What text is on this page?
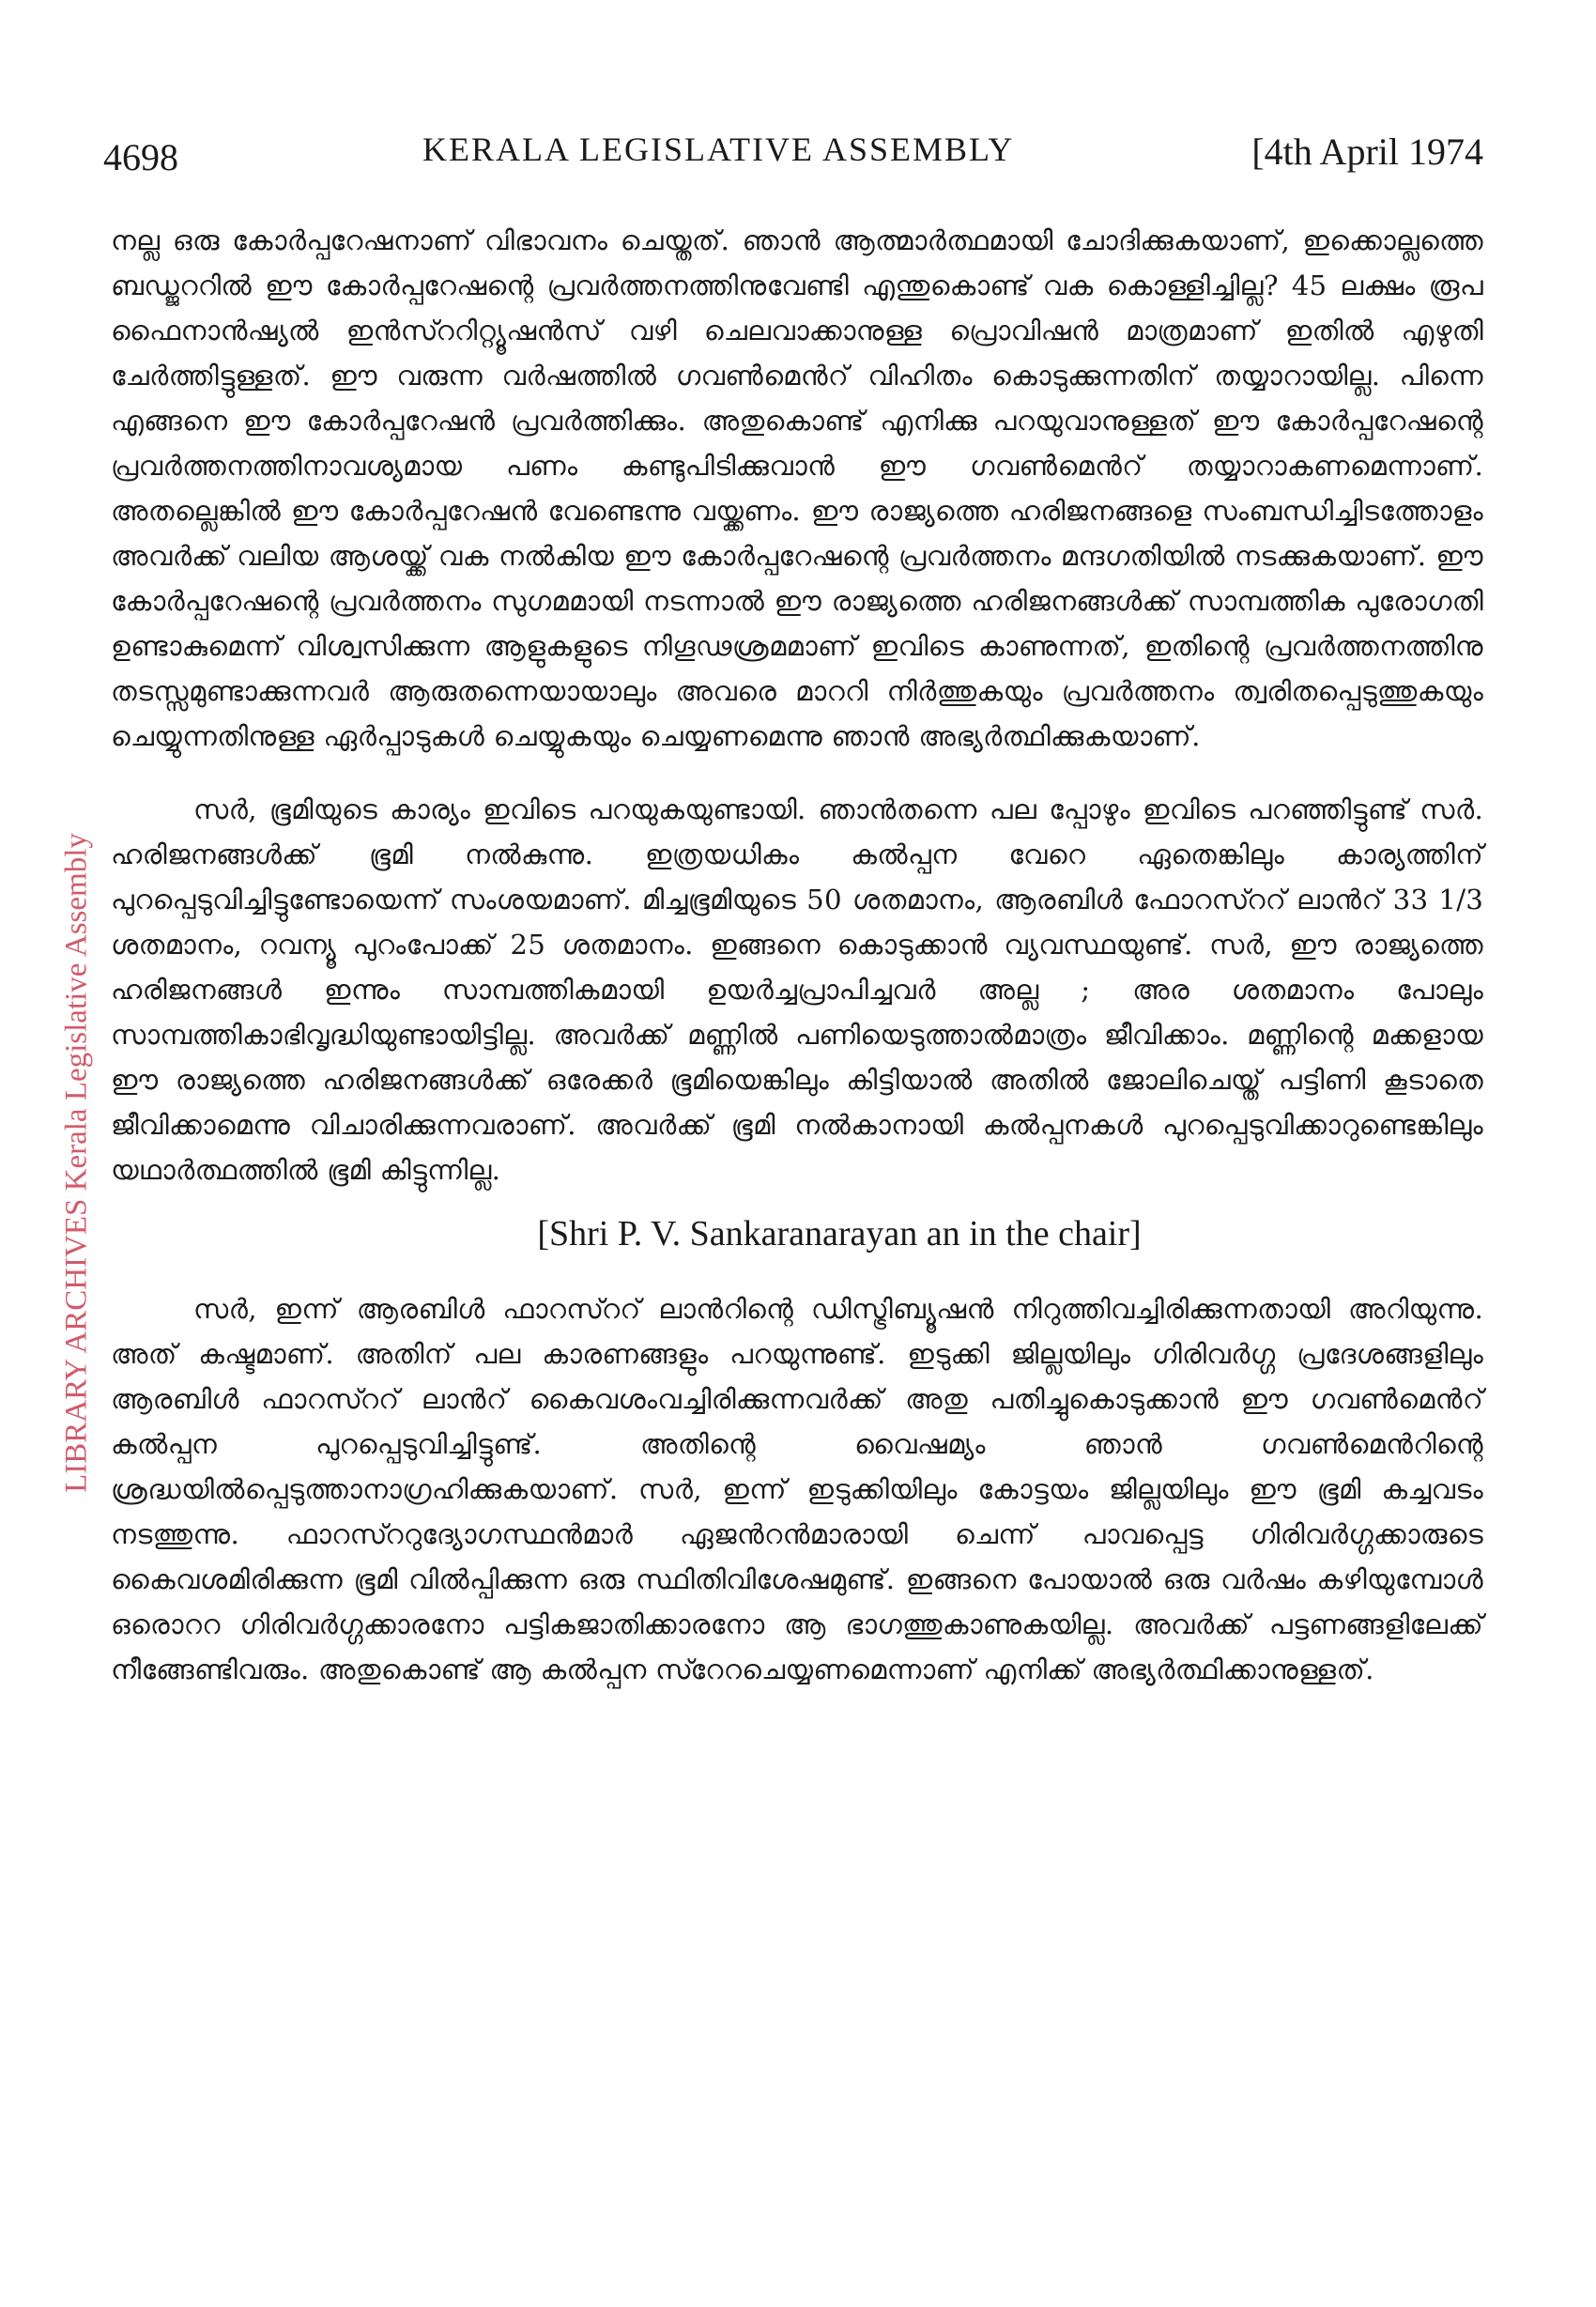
4698	KERALA LEGISLATIVE ASSEMBLY	[4th April 1974
LIBRARY ARCHIVES Kerala Legislative Assembly

നല്ല ഒരു കോർപ്പറേഷനാണ് വിഭാവനം ചെയ്തത്. ഞാൻ ആത്മാർത്ഥമായി ചോദിക്കുകയാണ്, ഇക്കൊല്ലത്തെ ബഡ്ജററിൽ ഈ കോർപ്പറേഷന്റെ പ്രവർത്തനത്തിനുവേണ്ടി എന്തുകൊണ്ട് വക കൊള്ളിച്ചില്ല? 45 ലക്ഷം രൂപ ഫൈനാൻഷ്യൽ ഇൻസ്ററിറ്റ്യൂഷൻസ് വഴി ചെലവാക്കാനുള്ള പ്രൊവിഷൻ മാത്രമാണ് ഇതിൽ എഴുതി ചേർത്തിട്ടുള്ളത്. ഈ വരുന്ന വർഷത്തിൽ ഗവൺമെൻറ് വിഹിതം കൊടുക്കുന്നതിന് തയ്യാറായില്ല. പിന്നെ എങ്ങനെ ഈ കോർപ്പറേഷൻ പ്രവർത്തിക്കും. അതുകൊണ്ട് എനിക്കു പറയുവാനുള്ളത് ഈ കോർപ്പറേഷന്റെ പ്രവർത്തനത്തിനാവശ്യമായ പണം കണ്ടുപിടിക്കുവാൻ ഈ ഗവൺമെൻറ് തയ്യാറാകണമെന്നാണ്. അതല്ലെങ്കിൽ ഈ കോർപ്പറേഷൻ വേണ്ടെന്നു വയ്ക്കണം. ഈ രാജ്യത്തെ ഹരിജനങ്ങളെ സംബന്ധിച്ചിടത്തോളം അവർക്ക് വലിയ ആശയ്ക്ക് വക നൽകിയ ഈ കോർപ്പറേഷന്റെ പ്രവർത്തനം മന്ദഗതിയിൽ നടക്കുകയാണ്. ഈ കോർപ്പറേഷന്റെ പ്രവർത്തനം സുഗമമായി നടന്നാൽ ഈ രാജ്യത്തെ ഹരിജനങ്ങൾക്ക് സാമ്പത്തിക പുരോഗതി ഉണ്ടാകുമെന്ന് വിശ്വസിക്കുന്ന ആളുകളുടെ നിഗൂഢശ്രമമാണ് ഇവിടെ കാണുന്നത്, ഇതിന്റെ പ്രവർത്തനത്തിനു തടസ്സമുണ്ടാക്കുന്നവർ ആരുതന്നെയായാലും അവരെ മാററി നിർത്തുകയും പ്രവർത്തനം ത്വരിതപ്പെടുത്തുകയും ചെയ്യുന്നതിനുള്ള ഏർപ്പാടുകൾ ചെയ്യുകയും ചെയ്യണമെന്നു ഞാൻ അഭ്യർത്ഥിക്കുകയാണ്.

സർ, ഭൂമിയുടെ കാര്യം ഇവിടെ പറയുകയുണ്ടായി. ഞാൻതന്നെ പല പ്പോഴും ഇവിടെ പറഞ്ഞിട്ടുണ്ട് സർ. ഹരിജനങ്ങൾക്ക് ഭൂമി നൽകുന്നു. ഇത്രയധികം കൽപ്പന വേറെ ഏതെങ്കിലും കാര്യത്തിന് പുറപ്പെടുവിച്ചിട്ടുണ്ടോയെന്ന് സംശയമാണ്. മിച്ചഭൂമിയുടെ 50 ശതമാനം, ആരബിൾ ഫോറസ്ററ് ലാൻറ് 33 1/3 ശതമാനം, റവന്യൂ പുറംപോക്ക് 25 ശതമാനം. ഇങ്ങനെ കൊടുക്കാൻ വ്യവസ്ഥയുണ്ട്. സർ, ഈ രാജ്യത്തെ ഹരിജനങ്ങൾ ഇന്നും സാമ്പത്തികമായി ഉയർച്ചപ്രാപിച്ചവർ അല്ല ; അര ശതമാനം പോലും സാമ്പത്തികാഭിവൃദ്ധിയുണ്ടായിട്ടില്ല. അവർക്ക് മണ്ണിൽ പണിയെടുത്താൽമാത്രം ജീവിക്കാം. മണ്ണിന്റെ മക്കളായ ഈ രാജ്യത്തെ ഹരിജനങ്ങൾക്ക് ഒരേക്കർ ഭൂമിയെങ്കിലും കിട്ടിയാൽ അതിൽ ജോലിചെയ്ത് പട്ടിണി കൂടാതെ ജീവിക്കാമെന്നു വിചാരിക്കുന്നവരാണ്. അവർക്ക് ഭൂമി നൽകാനായി കൽപ്പനകൾ പുറപ്പെടുവിക്കാറുണ്ടെങ്കിലും യഥാർത്ഥത്തിൽ ഭൂമി കിട്ടുന്നില്ല.

[Shri P. V. Sankaranarayan an in the chair]

സർ, ഇന്ന് ആരബിൾ ഫാറസ്ററ് ലാൻറിന്റെ ഡിസ്ട്രിബ്യൂഷൻ നിറുത്തിവച്ചിരിക്കുന്നതായി അറിയുന്നു. അത് കഷ്ടമാണ്. അതിന് പല കാരണങ്ങളും പറയുന്നുണ്ട്. ഇടുക്കി ജില്ലയിലും ഗിരിവർഗ്ഗ പ്രദേശങ്ങളിലും ആരബിൾ ഫാറസ്ററ് ലാൻറ് കൈവശംവച്ചിരിക്കുന്നവർക്ക് അതു പതിച്ചുകൊടുക്കാൻ ഈ ഗവൺമെൻറ് കൽപ്പന പുറപ്പെടുവിച്ചിട്ടുണ്ട്. അതിന്റെ വൈഷമ്യം ഞാൻ ഗവൺമെൻറിന്റെ ശ്രദ്ധയിൽപ്പെടുത്താനാഗ്രഹിക്കുകയാണ്. സർ, ഇന്ന് ഇടുക്കിയിലും കോട്ടയം ജില്ലയിലും ഈ ഭൂമി കച്ചവടം നടത്തുന്നു. ഫാറസ്ററുദ്യോഗസ്ഥൻമാർ ഏജൻറൻമാരായി ചെന്ന് പാവപ്പെട്ട ഗിരിവർഗ്ഗക്കാരുടെ കൈവശമിരിക്കുന്ന ഭൂമി വിൽപ്പിക്കുന്ന ഒരു സ്ഥിതിവിശേഷമുണ്ട്. ഇങ്ങനെ പോയാൽ ഒരു വർഷം കഴിയുമ്പോൾ ഒരൊററ ഗിരിവർഗ്ഗക്കാരനോ പട്ടികജാതിക്കാരനോ ആ ഭാഗത്തുകാണുകയില്ല. അവർക്ക് പട്ടണങ്ങളിലേക്ക് നീങ്ങേണ്ടിവരും. അതുകൊണ്ട് ആ കൽപ്പന സ്റേറചെയ്യണമെന്നാണ് എനിക്ക് അഭ്യർത്ഥിക്കാനുള്ളത്.
